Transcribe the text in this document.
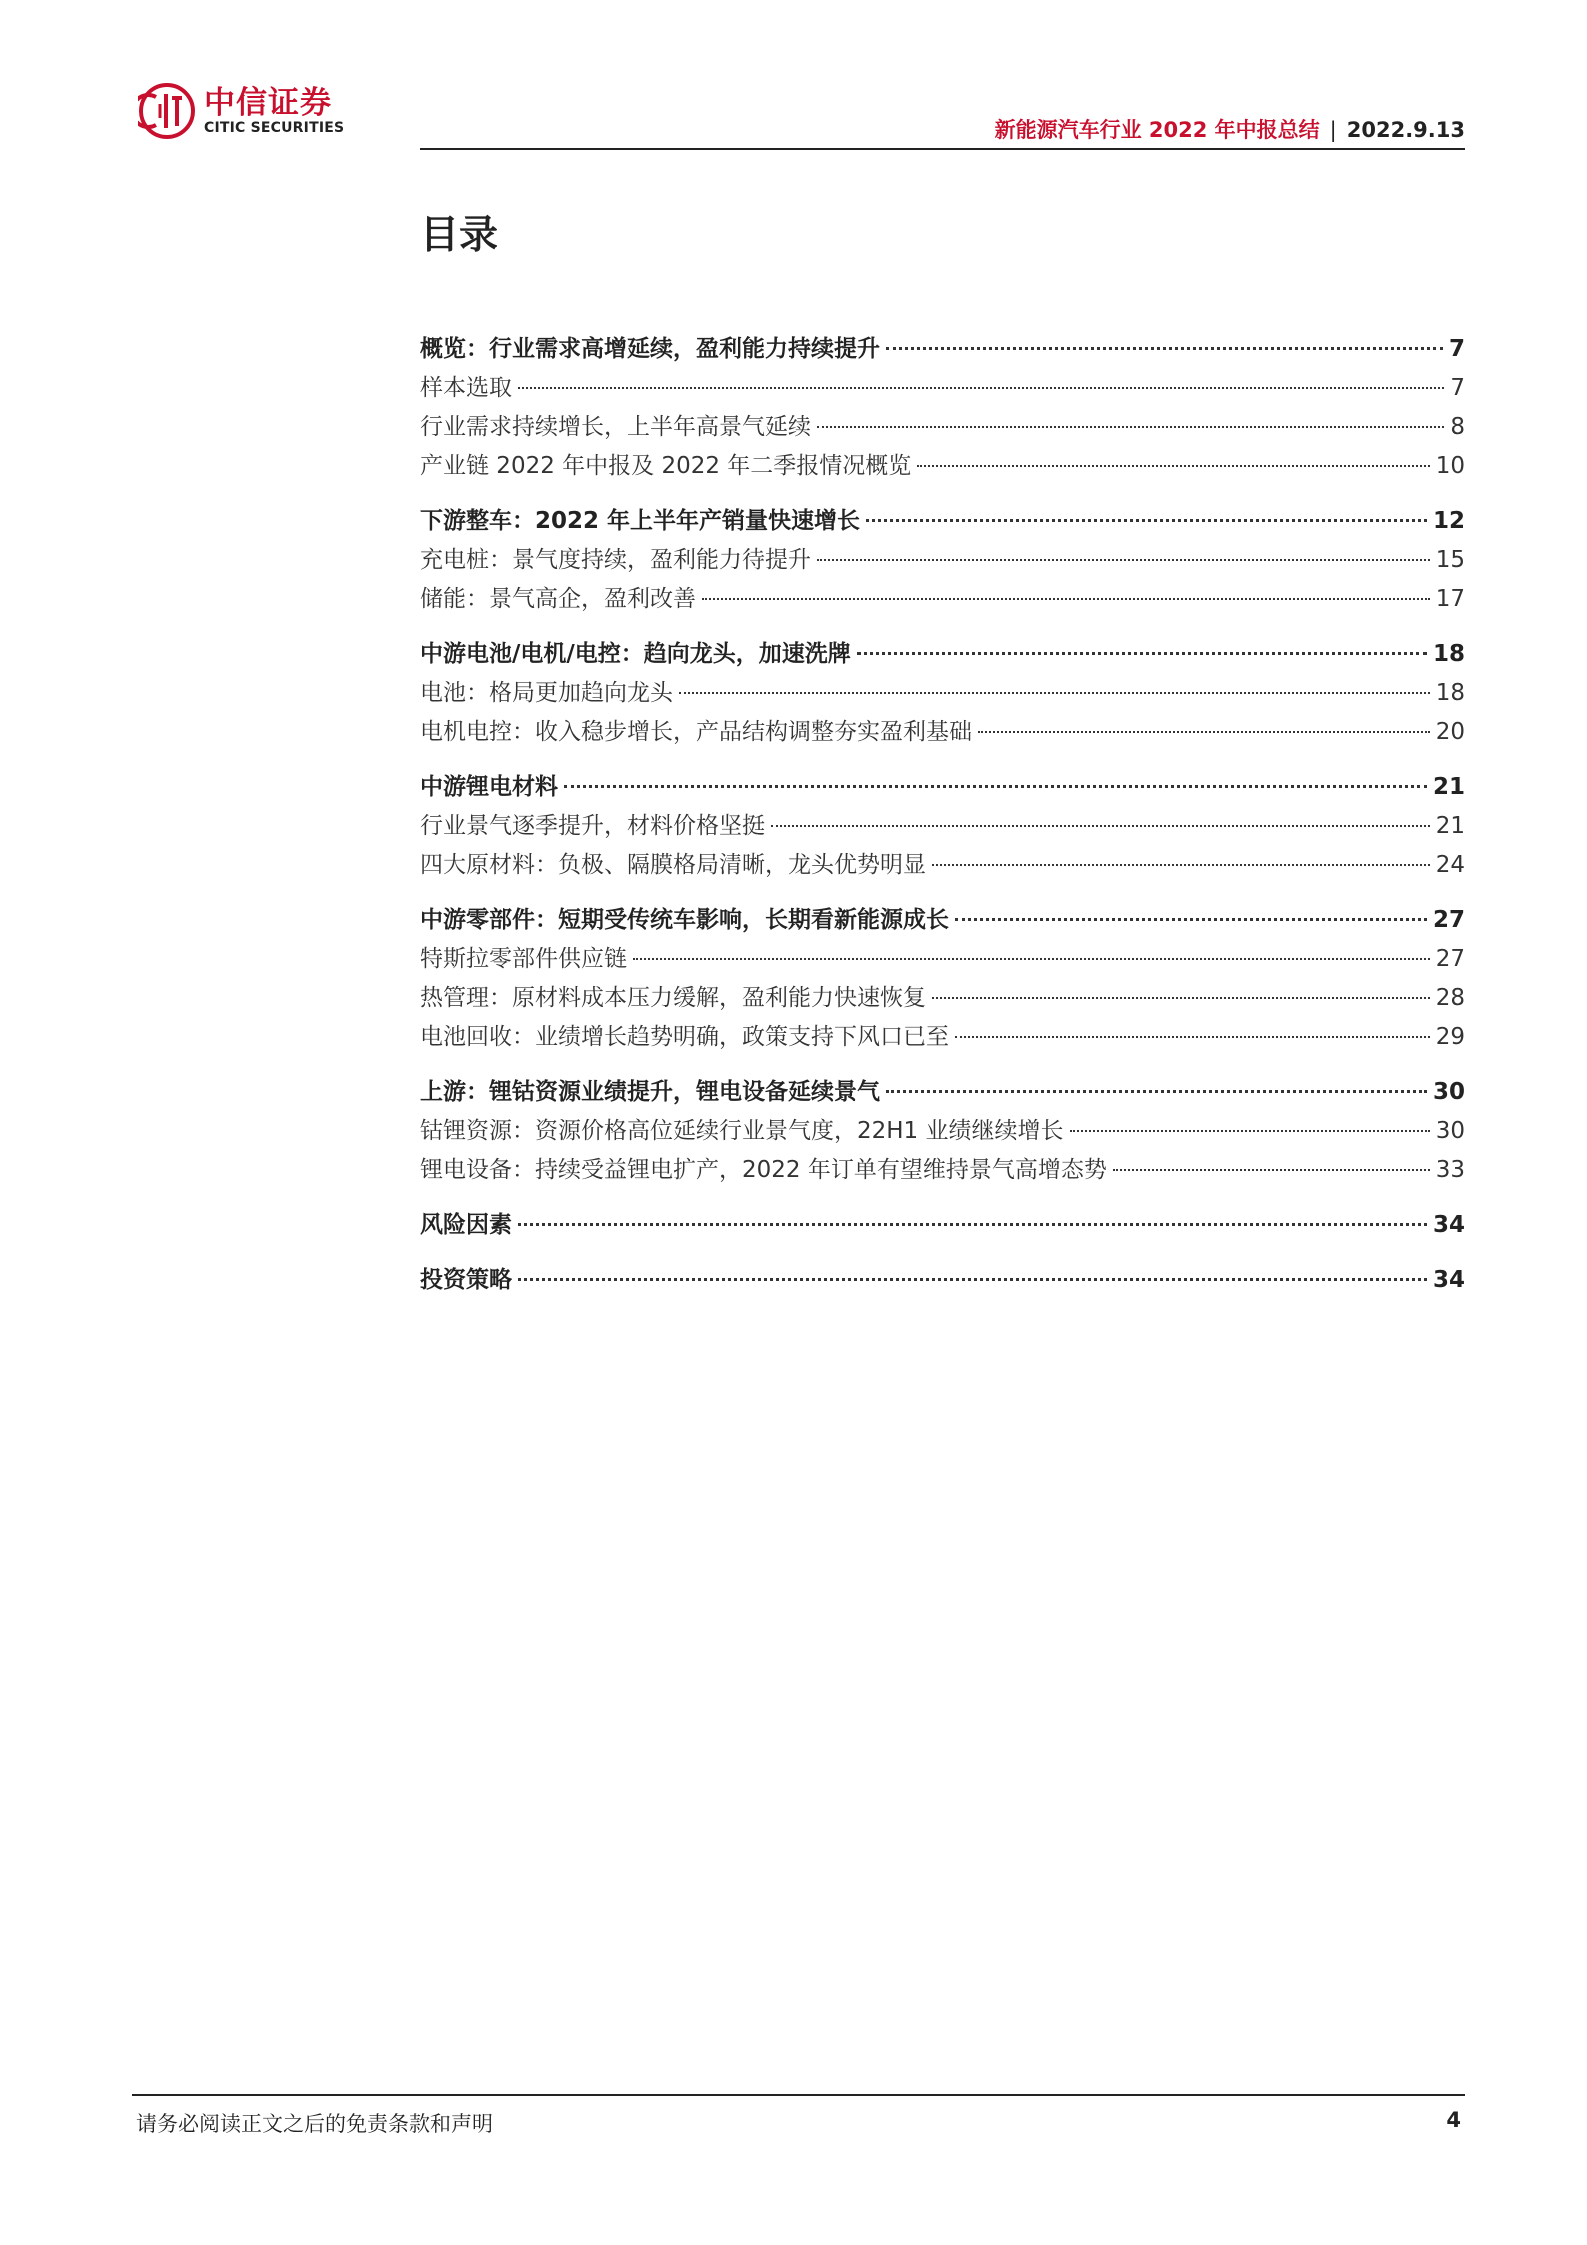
中信证券
CITIC SECURITIES	新能源汽车行业 2022 年中报总结 | 2022.9.13
目录
概览：行业需求高增延续，盈利能力持续提升	7
样本选取	7
行业需求持续增长，上半年高景气延续	8
产业链 2022 年中报及 2022 年二季报情况概览	10
下游整车：2022 年上半年产销量快速增长	12
充电桩：景气度持续，盈利能力待提升	15
储能：景气高企，盈利改善	17
中游电池/电机/电控：趋向龙头，加速洗牌	18
电池：格局更加趋向龙头	18
电机电控：收入稳步增长，产品结构调整夯实盈利基础	20
中游锂电材料	21
行业景气逐季提升，材料价格坚挺	21
四大原材料：负极、隔膜格局清晰，龙头优势明显	24
中游零部件：短期受传统车影响，长期看新能源成长	27
特斯拉零部件供应链	27
热管理：原材料成本压力缓解，盈利能力快速恢复	28
电池回收：业绩增长趋势明确，政策支持下风口已至	29
上游：锂钴资源业绩提升，锂电设备延续景气	30
钴锂资源：资源价格高位延续行业景气度，22H1 业绩继续增长	30
锂电设备：持续受益锂电扩产，2022 年订单有望维持景气高增态势	33
风险因素	34
投资策略	34
请务必阅读正文之后的免责条款和声明	4
